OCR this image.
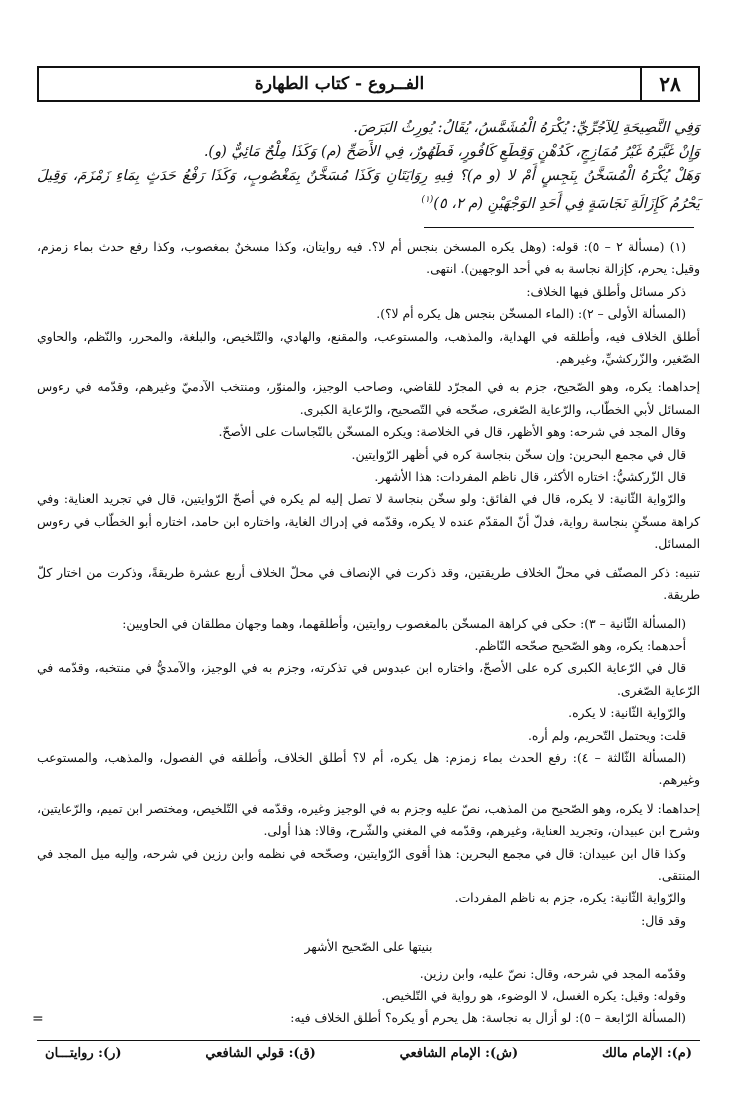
٢٨
الفــروع - كتاب الطهارة

وَفِي النَّصِيحَةِ لِلآجُرِّيِّ: يُكْرَهُ الْمُشَمَّسُ، يُقَالُ: يُورِثُ البَرَصَ.

وَإِنْ غَيَّرَهُ غَيْرُ مُمَازِجٍ، كَدُهْنٍ وَقِطَعِ كَافُورٍ، فَطَهُورٌ، فِي الأَصَحِّ (م) وَكَذَا مِلْحٌ مَائِيٌّ (و).

وَهَلْ يُكْرَهُ الْمُسَخَّنُ بِنَجِسٍ أَمْ لا (و م)؟ فِيهِ رِوَايَتَانِ وَكَذَا مُسَخَّنٌ بِمَغْصُوبٍ، وَكَذَا رَفْعُ حَدَثٍ بِمَاءِ زَمْزَمَ، وَقِيلَ يَحْرُمُ كَإِزَالَةِ نَجَاسَةٍ فِي أَحَدِ الوَجْهَيْنِ (م ٢، ٥)$^{(١)}$

(١) (مسألة ٢ – ٥): قوله: (وهل يكره المسخن بنجس أم لا؟. فيه روايتان، وكذا مسخنٌ بمغصوب، وكذا رفع حدث بماء زمزم، وقيل: يحرم، كإزالة نجاسة به في أحد الوجهين). انتهى.

ذكر مسائل وأطلق فيها الخلاف:

(المسألة الأولى – ٢): (الماء المسخّن بنجس هل يكره أم لا؟).

أطلق الخلاف فيه، وأطلقه في الهداية، والمذهب، والمستوعب، والمقنع، والهادي، والتّلخيص، والبلغة، والمحرر، والنّظم، والحاوي الصّغير، والزّركشيِّ، وغيرهم.

إحداهما: يكره، وهو الصّحيح، جزم به في المجرّد للقاضي، وصاحب الوجيز، والمنوّر، ومنتخب الآدميّ وغيرهم، وقدّمه في رءوس المسائل لأبي الخطّاب، والرّعاية الصّغرى، صحّحه في التّصحيح، والرّعاية الكبرى.

وقال المجد في شرحه: وهو الأظهر، قال في الخلاصة: ويكره المسخّن بالنّجاسات على الأصحّ.

قال في مجمع البحرين: وإن سخّن بنجاسة كره في أظهر الرّوايتين.

قال الزّركشيُّ: اختاره الأكثر، قال ناظم المفردات: هذا الأشهر.

والرّواية الثّانية: لا يكره، قال في الفائق: ولو سخّن بنجاسة لا تصل إليه لم يكره في أصحّ الرّوايتين، قال في تجريد العناية: وفي كراهة مسخّنٍ بنجاسة رواية، فدلّ أنّ المقدّم عنده لا يكره، وقدّمه في إدراك الغاية، واختاره ابن حامد، اختاره أبو الخطّاب في رءوس المسائل.

تنبيه: ذكر المصنّف في محلّ الخلاف طريقتين، وقد ذكرت في الإنصاف في محلّ الخلاف أربع عشرة طريقةً، وذكرت من اختار كلّ طريقة.

(المسألة الثّانية – ٣): حكى في كراهة المسخّن بالمغصوب روايتين، وأطلقهما، وهما وجهان مطلقان في الحاويين:

أحدهما: يكره، وهو الصّحيح صحّحه النّاظم.

قال في الرّعاية الكبرى كره على الأصحّ، واختاره ابن عبدوس في تذكرته، وجزم به في الوجيز، والآمديُّ في منتخبه، وقدّمه في الرّعاية الصّغرى.

والرّواية الثّانية: لا يكره.

قلت: ويحتمل التّحريم، ولم أره.

(المسألة الثّالثة – ٤): رفع الحدث بماء زمزم: هل يكره، أم لا؟ أطلق الخلاف، وأطلقه في الفصول، والمذهب، والمستوعب وغيرهم.

إحداهما: لا يكره، وهو الصّحيح من المذهب، نصّ عليه وجزم به في الوجيز وغيره، وقدّمه في التّلخيص، ومختصر ابن تميم، والرّعايتين، وشرح ابن عبيدان، وتجريد العناية، وغيرهم، وقدّمه في المغني والشّرح، وقالا: هذا أولى.

وكذا قال ابن عبيدان: قال في مجمع البحرين: هذا أقوى الرّوايتين، وصحّحه في نظمه وابن رزين في شرحه، وإليه ميل المجد في المنتقى.

والرّواية الثّانية: يكره، جزم به ناظم المفردات.

وقد قال:

بنيتها على الصّحيح الأشهر

وقدّمه المجد في شرحه، وقال: نصّ عليه، وابن رزين.

وقوله: وقيل: يكره الغسل، لا الوضوء، هو رواية في التّلخيص.

(المسألة الرّابعة – ٥): لو أزال به نجاسة: هل يحرم أو يكره؟ أطلق الخلاف فيه:

=
(م): الإمام مالك
(ش): الإمام الشافعي
(ق): قولي الشافعي
(ر): روايتـــان
